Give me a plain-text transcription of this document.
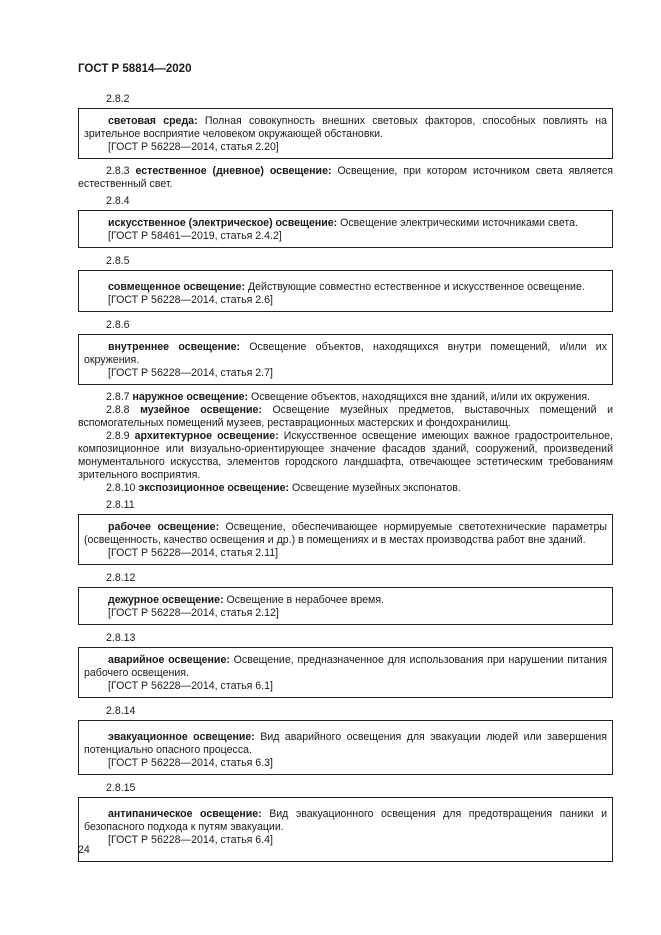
ГОСТ Р 58814—2020
2.8.2

световая среда: Полная совокупность внешних световых факторов, способных повлиять на зрительное восприятие человеком окружающей обстановки.

[ГОСТ Р 56228—2014, статья 2.20]

2.8.3 естественное (дневное) освещение: Освещение, при котором источником света является естественный свет.

2.8.4

искусственное (электрическое) освещение: Освещение электрическими источниками света.

[ГОСТ Р 58461—2019, статья 2.4.2]

2.8.5

совмещенное освещение: Действующие совместно естественное и искусственное освещение.

[ГОСТ Р 56228—2014, статья 2.6]

2.8.6

внутреннее освещение: Освещение объектов, находящихся внутри помещений, и/или их окружения.

[ГОСТ Р 56228—2014, статья 2.7]

2.8.7 наружное освещение: Освещение объектов, находящихся вне зданий, и/или их окружения.

2.8.8 музейное освещение: Освещение музейных предметов, выставочных помещений и вспомогательных помещений музеев, реставрационных мастерских и фондохранилищ.

2.8.9 архитектурное освещение: Искусственное освещение имеющих важное градостроительное, композиционное или визуально-ориентирующее значение фасадов зданий, сооружений, произведений монументального искусства, элементов городского ландшафта, отвечающее эстетическим требованиям зрительного восприятия.

2.8.10 экспозиционное освещение: Освещение музейных экспонатов.

2.8.11

рабочее освещение: Освещение, обеспечивающее нормируемые светотехнические параметры (освещенность, качество освещения и др.) в помещениях и в местах производства работ вне зданий.

[ГОСТ Р 56228—2014, статья 2.11]

2.8.12

дежурное освещение: Освещение в нерабочее время.

[ГОСТ Р 56228—2014, статья 2.12]

2.8.13

аварийное освещение: Освещение, предназначенное для использования при нарушении питания рабочего освещения.

[ГОСТ Р 56228—2014, статья 6.1]

2.8.14

эвакуационное освещение: Вид аварийного освещения для эвакуации людей или завершения потенциально опасного процесса.

[ГОСТ Р 56228—2014, статья 6.3]

2.8.15

антипаническое освещение: Вид эвакуационного освещения для предотвращения паники и безопасного подхода к путям эвакуации.

[ГОСТ Р 56228—2014, статья 6.4]

24
